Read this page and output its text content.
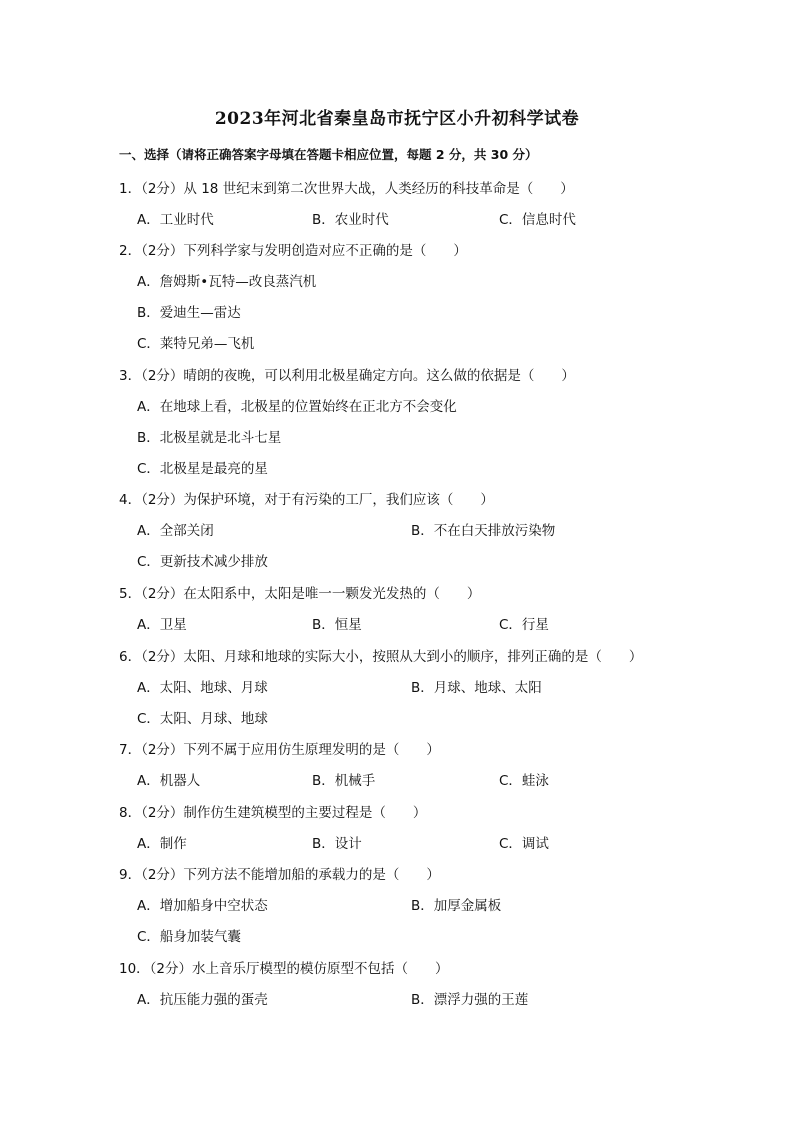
2023年河北省秦皇岛市抚宁区小升初科学试卷
一、选择（请将正确答案字母填在答题卡相应位置，每题 2 分，共 30 分）
1．（2分）从 18 世纪末到第二次世界大战，人类经历的科技革命是（　　）
A．工业时代	B．农业时代	C．信息时代
2．（2分）下列科学家与发明创造对应不正确的是（　　）
A．詹姆斯•瓦特—改良蒸汽机
B．爱迪生—雷达
C．莱特兄弟—飞机
3．（2分）晴朗的夜晚，可以利用北极星确定方向。这么做的依据是（　　）
A．在地球上看，北极星的位置始终在正北方不会变化
B．北极星就是北斗七星
C．北极星是最亮的星
4．（2分）为保护环境，对于有污染的工厂，我们应该（　　）
A．全部关闭	B．不在白天排放污染物
C．更新技术减少排放
5．（2分）在太阳系中，太阳是唯一一颗发光发热的（　　）
A．卫星	B．恒星	C．行星
6．（2分）太阳、月球和地球的实际大小，按照从大到小的顺序，排列正确的是（　　）
A．太阳、地球、月球	B．月球、地球、太阳
C．太阳、月球、地球
7．（2分）下列不属于应用仿生原理发明的是（　　）
A．机器人	B．机械手	C．蛙泳
8．（2分）制作仿生建筑模型的主要过程是（　　）
A．制作	B．设计	C．调试
9．（2分）下列方法不能增加船的承载力的是（　　）
A．增加船身中空状态	B．加厚金属板
C．船身加装气囊
10．（2分）水上音乐厅模型的模仿原型不包括（　　）
A．抗压能力强的蛋壳	B．漂浮力强的王莲
